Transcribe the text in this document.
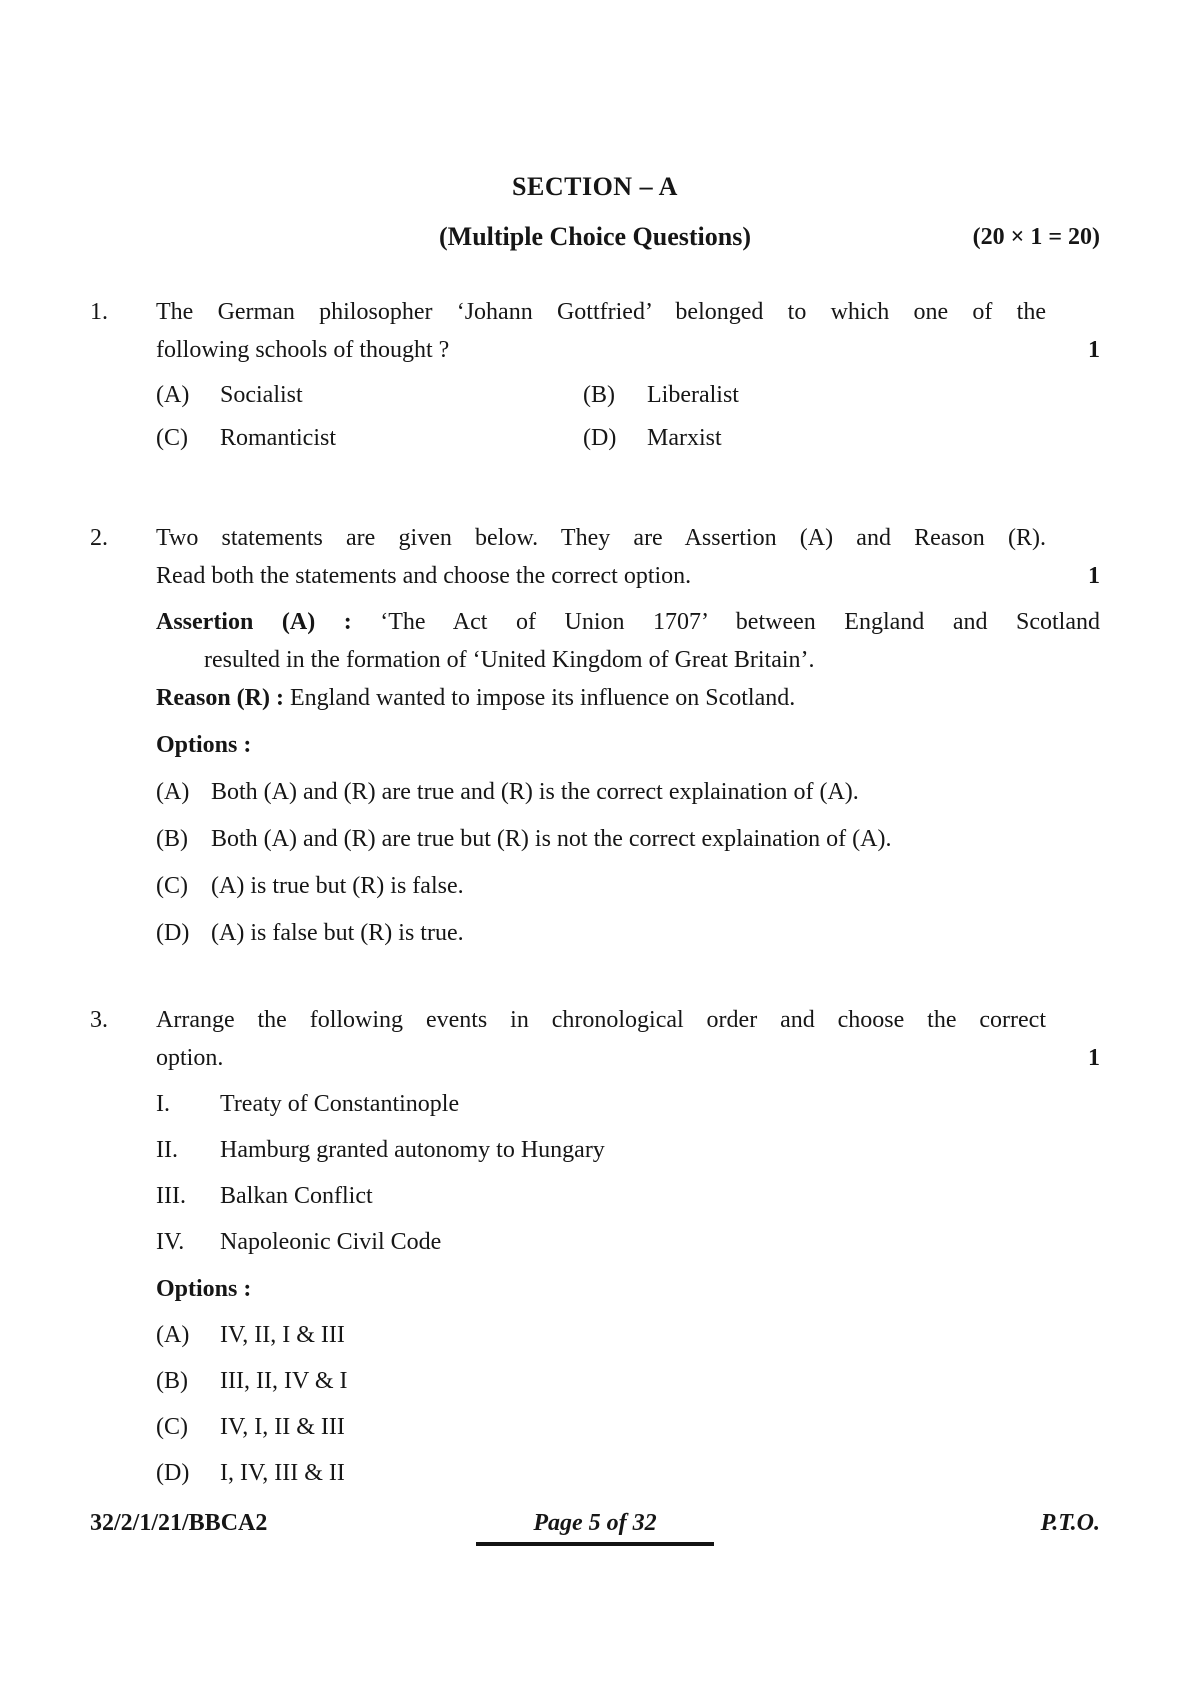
SECTION – A
(Multiple Choice Questions)	(20 × 1 = 20)
1.	The German philosopher ‘Johann Gottfried’ belonged to which one of the
following schools of thought ?	1
(A)	Socialist	(B)	Liberalist
(C)	Romanticist	(D)	Marxist
2.	Two statements are given below. They are Assertion (A) and Reason (R).
Read both the statements and choose the correct option.	1
Assertion (A) : ‘The Act of Union 1707’ between England and Scotland
resulted in the formation of ‘United Kingdom of Great Britain’.
Reason (R) : England wanted to impose its influence on Scotland.
Options :
(A) Both (A) and (R) are true and (R) is the correct explaination of (A).
(B) Both (A) and (R) are true but (R) is not the correct explaination of (A).
(C) (A) is true but (R) is false.
(D) (A) is false but (R) is true.
3.	Arrange the following events in chronological order and choose the correct
option.	1
I.	Treaty of Constantinople
II.	Hamburg granted autonomy to Hungary
III.	Balkan Conflict
IV.	Napoleonic Civil Code
Options :
(A)	IV, II, I & III
(B)	III, II, IV & I
(C)	IV, I, II & III
(D)	I, IV, III & II
32/2/1/21/BBCA2	Page 5 of 32	P.T.O.
